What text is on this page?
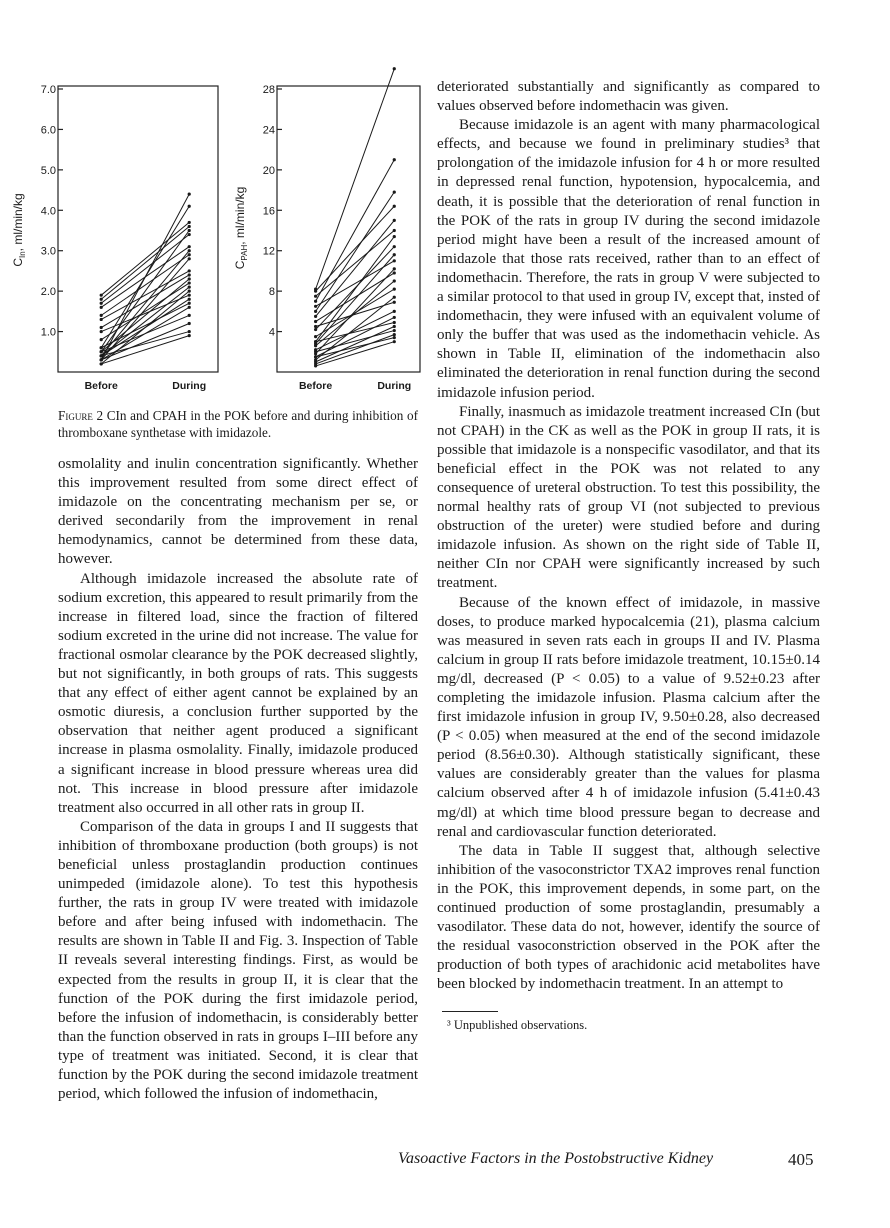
$C_{In}$, ml/min/kg
1.0
2.0
3.0
4.0
5.0
6.0
7.0
Before	During
$C_{PAH}$, ml/min/kg
4
8
12
16
20
24
28
Before	During
Figure 2 CIn and CPAH in the POK before and during inhibition of thromboxane synthetase with imidazole.

osmolality and inulin concentration significantly. Whether this improvement resulted from some direct effect of imidazole on the concentrating mechanism per se, or derived secondarily from the improvement in renal hemodynamics, cannot be determined from these data, however.

Although imidazole increased the absolute rate of sodium excretion, this appeared to result primarily from the increase in filtered load, since the fraction of filtered sodium excreted in the urine did not increase. The value for fractional osmolar clearance by the POK decreased slightly, but not significantly, in both groups of rats. This suggests that any effect of either agent cannot be explained by an osmotic diuresis, a conclusion further supported by the observation that neither agent produced a significant increase in plasma osmolality. Finally, imidazole produced a significant increase in blood pressure whereas urea did not. This increase in blood pressure after imidazole treatment also occurred in all other rats in group II.

Comparison of the data in groups I and II suggests that inhibition of thromboxane production (both groups) is not beneficial unless prostaglandin production continues unimpeded (imidazole alone). To test this hypothesis further, the rats in group IV were treated with imidazole before and after being infused with indomethacin. The results are shown in Table II and Fig. 3. Inspection of Table II reveals several interesting findings. First, as would be expected from the results in group II, it is clear that the function of the POK during the first imidazole period, before the infusion of indomethacin, is considerably better than the function observed in rats in groups I–III before any type of treatment was initiated. Second, it is clear that function by the POK during the second imidazole treatment period, which followed the infusion of indomethacin,

deteriorated substantially and significantly as compared to values observed before indomethacin was given.

Because imidazole is an agent with many pharmacological effects, and because we found in preliminary studies³ that prolongation of the imidazole infusion for 4 h or more resulted in depressed renal function, hypotension, hypocalcemia, and death, it is possible that the deterioration of renal function in the POK of the rats in group IV during the second imidazole period might have been a result of the increased amount of imidazole that those rats received, rather than to an effect of indomethacin. Therefore, the rats in group V were subjected to a similar protocol to that used in group IV, except that, insted of indomethacin, they were infused with an equivalent volume of only the buffer that was used as the indomethacin vehicle. As shown in Table II, elimination of the indomethacin also eliminated the deterioration in renal function during the second imidazole infusion period.

Finally, inasmuch as imidazole treatment increased CIn (but not CPAH) in the CK as well as the POK in group II rats, it is possible that imidazole is a nonspecific vasodilator, and that its beneficial effect in the POK was not related to any consequence of ureteral obstruction. To test this possibility, the normal healthy rats of group VI (not subjected to previous obstruction of the ureter) were studied before and during imidazole infusion. As shown on the right side of Table II, neither CIn nor CPAH were significantly increased by such treatment.

Because of the known effect of imidazole, in massive doses, to produce marked hypocalcemia (21), plasma calcium was measured in seven rats each in groups II and IV. Plasma calcium in group II rats before imidazole treatment, 10.15±0.14 mg/dl, decreased (P < 0.05) to a value of 9.52±0.23 after completing the imidazole infusion. Plasma calcium after the first imidazole infusion in group IV, 9.50±0.28, also decreased (P < 0.05) when measured at the end of the second imidazole period (8.56±0.30). Although statistically significant, these values are considerably greater than the values for plasma calcium observed after 4 h of imidazole infusion (5.41±0.43 mg/dl) at which time blood pressure began to decrease and renal and cardiovascular function deteriorated.

The data in Table II suggest that, although selective inhibition of the vasoconstrictor TXA2 improves renal function in the POK, this improvement depends, in some part, on the continued production of some prostaglandin, presumably a vasodilator. These data do not, however, identify the source of the residual vasoconstriction observed in the POK after the production of both types of arachidonic acid metabolites have been blocked by indomethacin treatment. In an attempt to

³ Unpublished observations.
Vasoactive Factors in the Postobstructive Kidney	405
